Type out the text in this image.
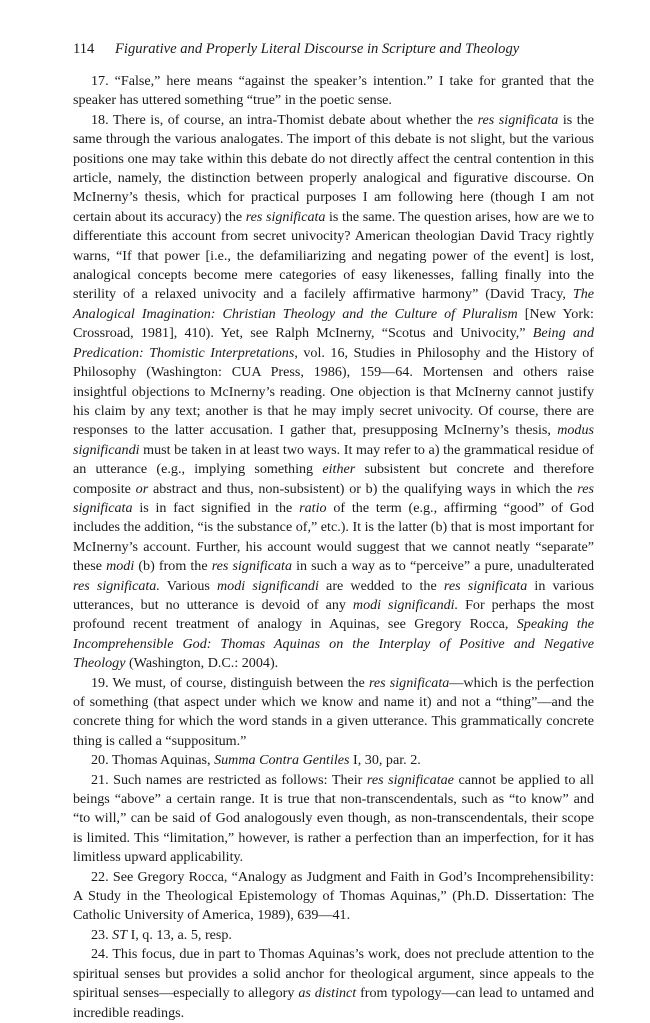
114 Figurative and Properly Literal Discourse in Scripture and Theology

17. “False,” here means “against the speaker’s intention.” I take for granted that the speaker has uttered something “true” in the poetic sense.

18. There is, of course, an intra-Thomist debate about whether the res significata is the same through the various analogates. The import of this debate is not slight, but the various positions one may take within this debate do not directly affect the central contention in this article, namely, the distinction between properly analogical and figurative discourse. On McInerny’s thesis, which for practical purposes I am following here (though I am not certain about its accuracy) the res significata is the same. The question arises, how are we to differentiate this account from secret univocity? American theologian David Tracy rightly warns, “If that power [i.e., the defamiliarizing and negating power of the event] is lost, analogical concepts become mere categories of easy likenesses, falling finally into the sterility of a relaxed univocity and a facilely affirmative harmony” (David Tracy, The Analogical Imagination: Christian Theology and the Culture of Pluralism [New York: Crossroad, 1981], 410). Yet, see Ralph McInerny, “Scotus and Univocity,” Being and Predication: Thomistic Interpretations, vol. 16, Studies in Philosophy and the History of Philosophy (Washington: CUA Press, 1986), 159—64. Mortensen and others raise insightful objections to McInerny’s reading. One objection is that McInerny cannot justify his claim by any text; another is that he may imply secret univocity. Of course, there are responses to the latter accusation. I gather that, presupposing McInerny’s thesis, modus significandi must be taken in at least two ways. It may refer to a) the grammatical residue of an utterance (e.g., implying something either subsistent but concrete and therefore composite or abstract and thus, non-subsistent) or b) the qualifying ways in which the res significata is in fact signified in the ratio of the term (e.g., affirming “good” of God includes the addition, “is the substance of,” etc.). It is the latter (b) that is most important for McInerny’s account. Further, his account would suggest that we cannot neatly “separate” these modi (b) from the res significata in such a way as to “perceive” a pure, unadulterated res significata. Various modi significandi are wedded to the res significata in various utterances, but no utterance is devoid of any modi significandi. For perhaps the most profound recent treatment of analogy in Aquinas, see Gregory Rocca, Speaking the Incomprehensible God: Thomas Aquinas on the Interplay of Positive and Negative Theology (Washington, D.C.: 2004).

19. We must, of course, distinguish between the res significata—which is the perfection of something (that aspect under which we know and name it) and not a “thing”—and the concrete thing for which the word stands in a given utterance. This grammatically concrete thing is called a “suppositum.”

20. Thomas Aquinas, Summa Contra Gentiles I, 30, par. 2.

21. Such names are restricted as follows: Their res significatae cannot be applied to all beings “above” a certain range. It is true that non-transcendentals, such as “to know” and “to will,” can be said of God analogously even though, as non-transcendentals, their scope is limited. This “limitation,” however, is rather a perfection than an imperfection, for it has limitless upward applicability.

22. See Gregory Rocca, “Analogy as Judgment and Faith in God’s Incomprehensibility: A Study in the Theological Epistemology of Thomas Aquinas,” (Ph.D. Dissertation: The Catholic University of America, 1989), 639—41.

23. ST I, q. 13, a. 5, resp.

24. This focus, due in part to Thomas Aquinas’s work, does not preclude attention to the spiritual senses but provides a solid anchor for theological argument, since appeals to the spiritual senses—especially to allegory as distinct from typology—can lead to untamed and incredible readings.
